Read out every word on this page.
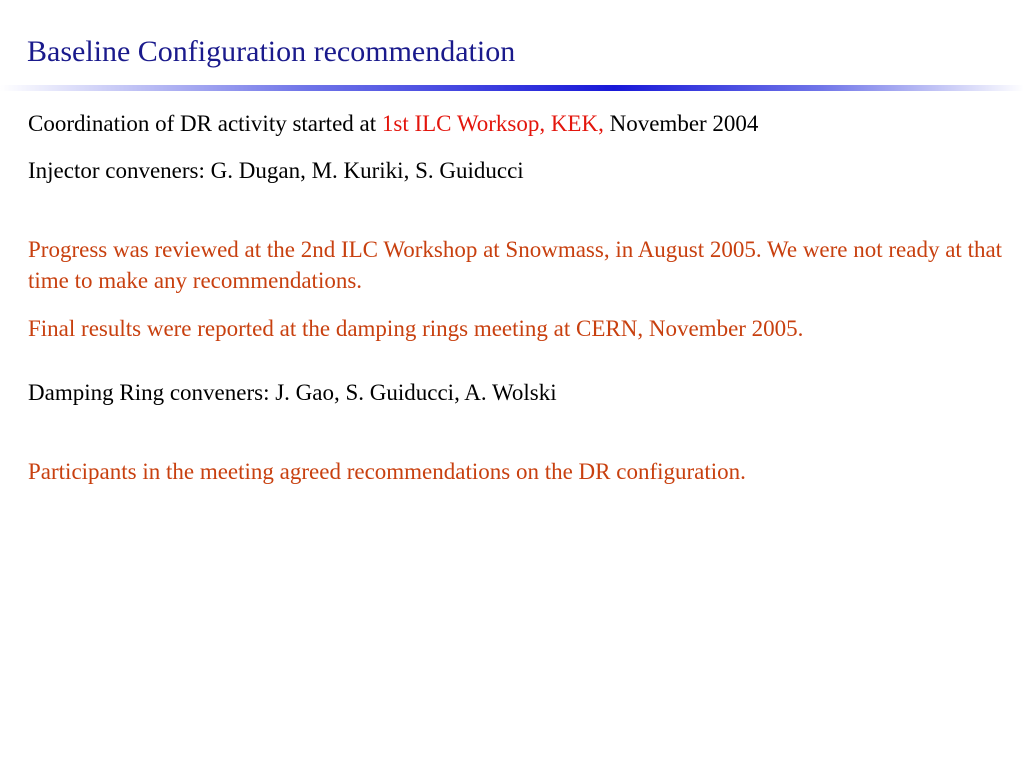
Baseline Configuration recommendation
Coordination of DR activity started at 1st ILC Worksop, KEK, November 2004
Injector conveners: G. Dugan, M. Kuriki, S. Guiducci
Progress was reviewed at the 2nd ILC Workshop at Snowmass, in August 2005. We were not ready at that time to make any recommendations.
Final results were reported at the damping rings meeting at CERN, November 2005.
Damping Ring conveners: J. Gao, S. Guiducci, A. Wolski
Participants in the meeting agreed recommendations on the DR configuration.
